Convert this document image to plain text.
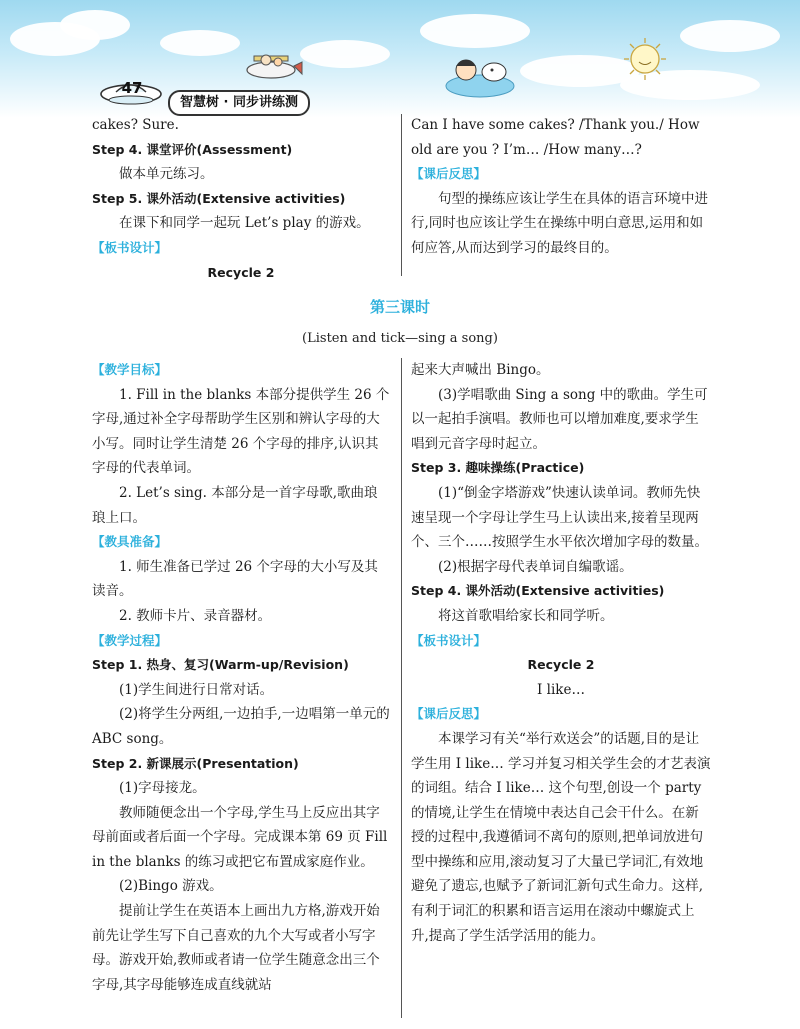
47
智慧树 · 同步讲练测

cakes? Sure.

Step 4. 课堂评价(Assessment)

做本单元练习。

Step 5. 课外活动(Extensive activities)

在课下和同学一起玩 Let’s play 的游戏。

【板书设计】

Recycle 2

Can I have some cakes? /Thank you./ How old are you ? I’m… /How many…?

【课后反思】

句型的操练应该让学生在具体的语言环境中进行,同时也应该让学生在操练中明白意思,运用和如何应答,从而达到学习的最终目的。

第三课时
(Listen and tick—sing a song)

【教学目标】

1. Fill in the blanks 本部分提供学生 26 个字母,通过补全字母帮助学生区别和辨认字母的大小写。同时让学生清楚 26 个字母的排序,认识其字母的代表单词。

2. Let’s sing. 本部分是一首字母歌,歌曲琅琅上口。

【教具准备】

1. 师生准备已学过 26 个字母的大小写及其读音。

2. 教师卡片、录音器材。

【教学过程】

Step 1. 热身、复习(Warm-up/Revision)

(1)学生间进行日常对话。

(2)将学生分两组,一边拍手,一边唱第一单元的 ABC song。

Step 2. 新课展示(Presentation)

(1)字母接龙。

教师随便念出一个字母,学生马上反应出其字母前面或者后面一个字母。完成课本第 69 页 Fill in the blanks 的练习或把它布置成家庭作业。

(2)Bingo 游戏。

提前让学生在英语本上画出九方格,游戏开始前先让学生写下自己喜欢的九个大写或者小写字母。游戏开始,教师或者请一位学生随意念出三个字母,其字母能够连成直线就站

起来大声喊出 Bingo。

(3)学唱歌曲 Sing a song 中的歌曲。学生可以一起拍手演唱。教师也可以增加难度,要求学生唱到元音字母时起立。

Step 3. 趣味操练(Practice)

(1)“倒金字塔游戏”快速认读单词。教师先快速呈现一个字母让学生马上认读出来,接着呈现两个、三个……按照学生水平依次增加字母的数量。

(2)根据字母代表单词自编歌谣。

Step 4. 课外活动(Extensive activities)

将这首歌唱给家长和同学听。

【板书设计】

Recycle 2

I like…

【课后反思】

本课学习有关“举行欢送会”的话题,目的是让学生用 I like… 学习并复习相关学生会的才艺表演的词组。结合 I like… 这个句型,创设一个 party 的情境,让学生在情境中表达自己会干什么。在新授的过程中,我遵循词不离句的原则,把单词放进句型中操练和应用,滚动复习了大量已学词汇,有效地避免了遗忘,也赋予了新词汇新句式生命力。这样,有利于词汇的积累和语言运用在滚动中螺旋式上升,提高了学生活学活用的能力。
